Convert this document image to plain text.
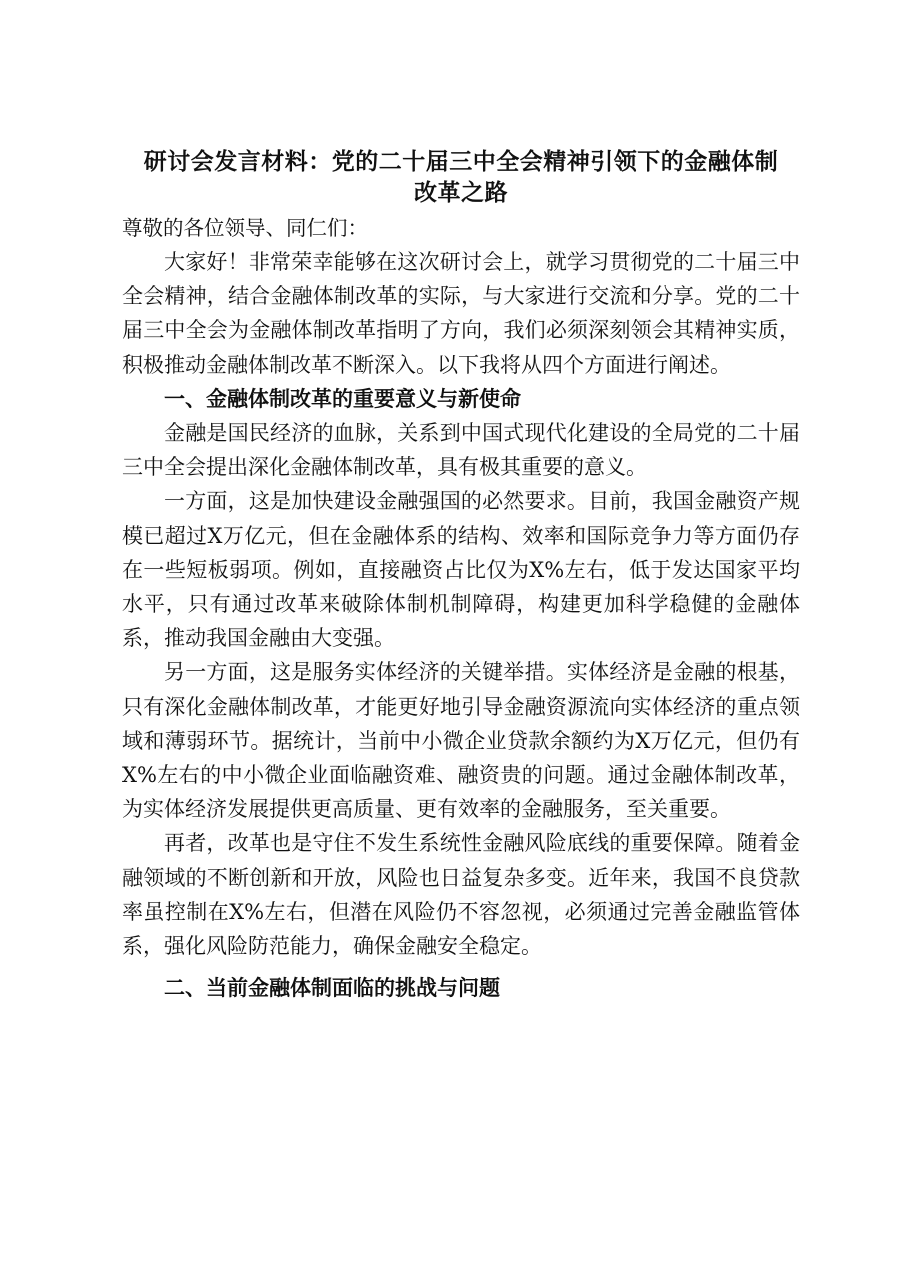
研讨会发言材料：党的二十届三中全会精神引领下的金融体制
改革之路

尊敬的各位领导、同仁们：

大家好！非常荣幸能够在这次研讨会上，就学习贯彻党的二十届三中全会精神，结合金融体制改革的实际，与大家进行交流和分享。党的二十届三中全会为金融体制改革指明了方向，我们必须深刻领会其精神实质，积极推动金融体制改革不断深入。以下我将从四个方面进行阐述。

一、金融体制改革的重要意义与新使命

金融是国民经济的血脉，关系到中国式现代化建设的全局党的二十届三中全会提出深化金融体制改革，具有极其重要的意义。

一方面，这是加快建设金融强国的必然要求。目前，我国金融资产规模已超过X万亿元，但在金融体系的结构、效率和国际竞争力等方面仍存在一些短板弱项。例如，直接融资占比仅为X%左右，低于发达国家平均水平，只有通过改革来破除体制机制障碍，构建更加科学稳健的金融体系，推动我国金融由大变强。

另一方面，这是服务实体经济的关键举措。实体经济是金融的根基，只有深化金融体制改革，才能更好地引导金融资源流向实体经济的重点领域和薄弱环节。据统计，当前中小微企业贷款余额约为X万亿元，但仍有X%左右的中小微企业面临融资难、融资贵的问题。通过金融体制改革，为实体经济发展提供更高质量、更有效率的金融服务，至关重要。

再者，改革也是守住不发生系统性金融风险底线的重要保障。随着金融领域的不断创新和开放，风险也日益复杂多变。近年来，我国不良贷款率虽控制在X%左右，但潜在风险仍不容忽视，必须通过完善金融监管体系，强化风险防范能力，确保金融安全稳定。

二、当前金融体制面临的挑战与问题
